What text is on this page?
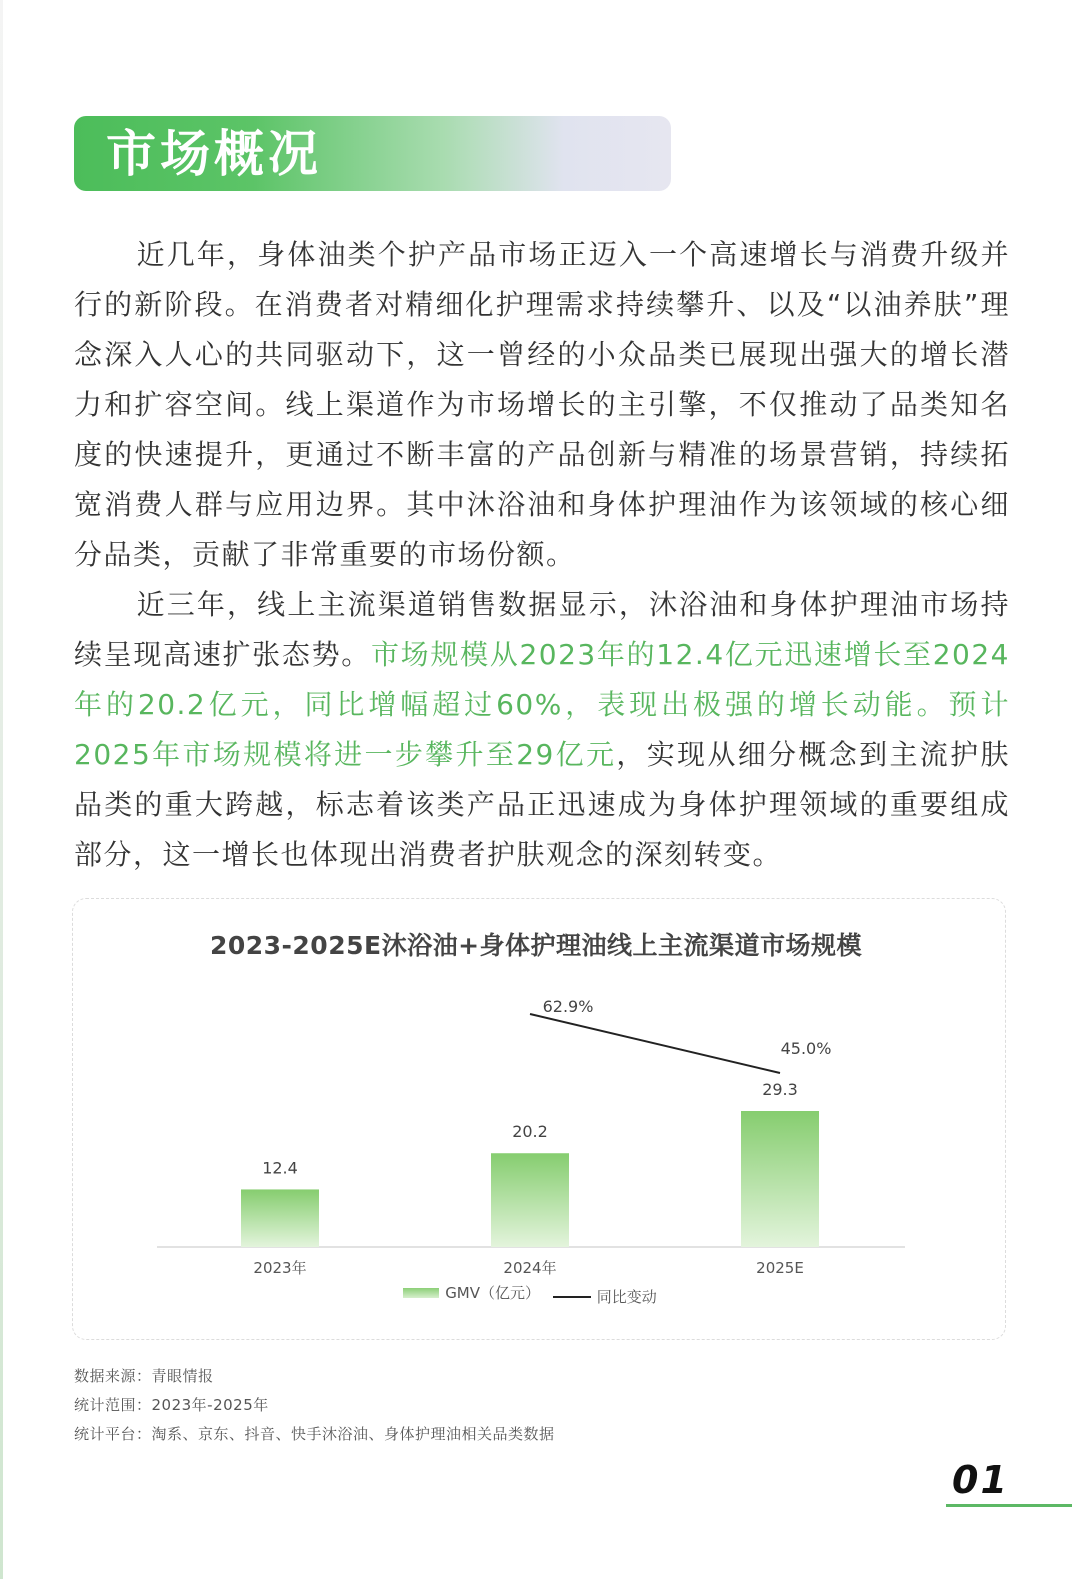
市场概况

近几年，身体油类个护产品市场正迈入一个高速增长与消费升级并行的新阶段。在消费者对精细化护理需求持续攀升、以及“以油养肤”理念深入人心的共同驱动下，这一曾经的小众品类已展现出强大的增长潜力和扩容空间。线上渠道作为市场增长的主引擎，不仅推动了品类知名度的快速提升，更通过不断丰富的产品创新与精准的场景营销，持续拓宽消费人群与应用边界。其中沐浴油和身体护理油作为该领域的核心细分品类，贡献了非常重要的市场份额。

近三年，线上主流渠道销售数据显示，沐浴油和身体护理油市场持续呈现高速扩张态势。市场规模从2023年的12.4亿元迅速增长至2024年的20.2亿元，同比增幅超过60%，表现出极强的增长动能。预计2025年市场规模将进一步攀升至29亿元，实现从细分概念到主流护肤品类的重大跨越，标志着该类产品正迅速成为身体护理领域的重要组成部分，这一增长也体现出消费者护肤观念的深刻转变。

2023-2025E沐浴油+身体护理油线上主流渠道市场规模
12.4
2023年
20.2
2024年
29.3
2025E
62.9%
45.0%
GMV（亿元）
	同比变动
数据来源：青眼情报
统计范围：2023年-2025年
统计平台：淘系、京东、抖音、快手沐浴油、身体护理油相关品类数据
01
